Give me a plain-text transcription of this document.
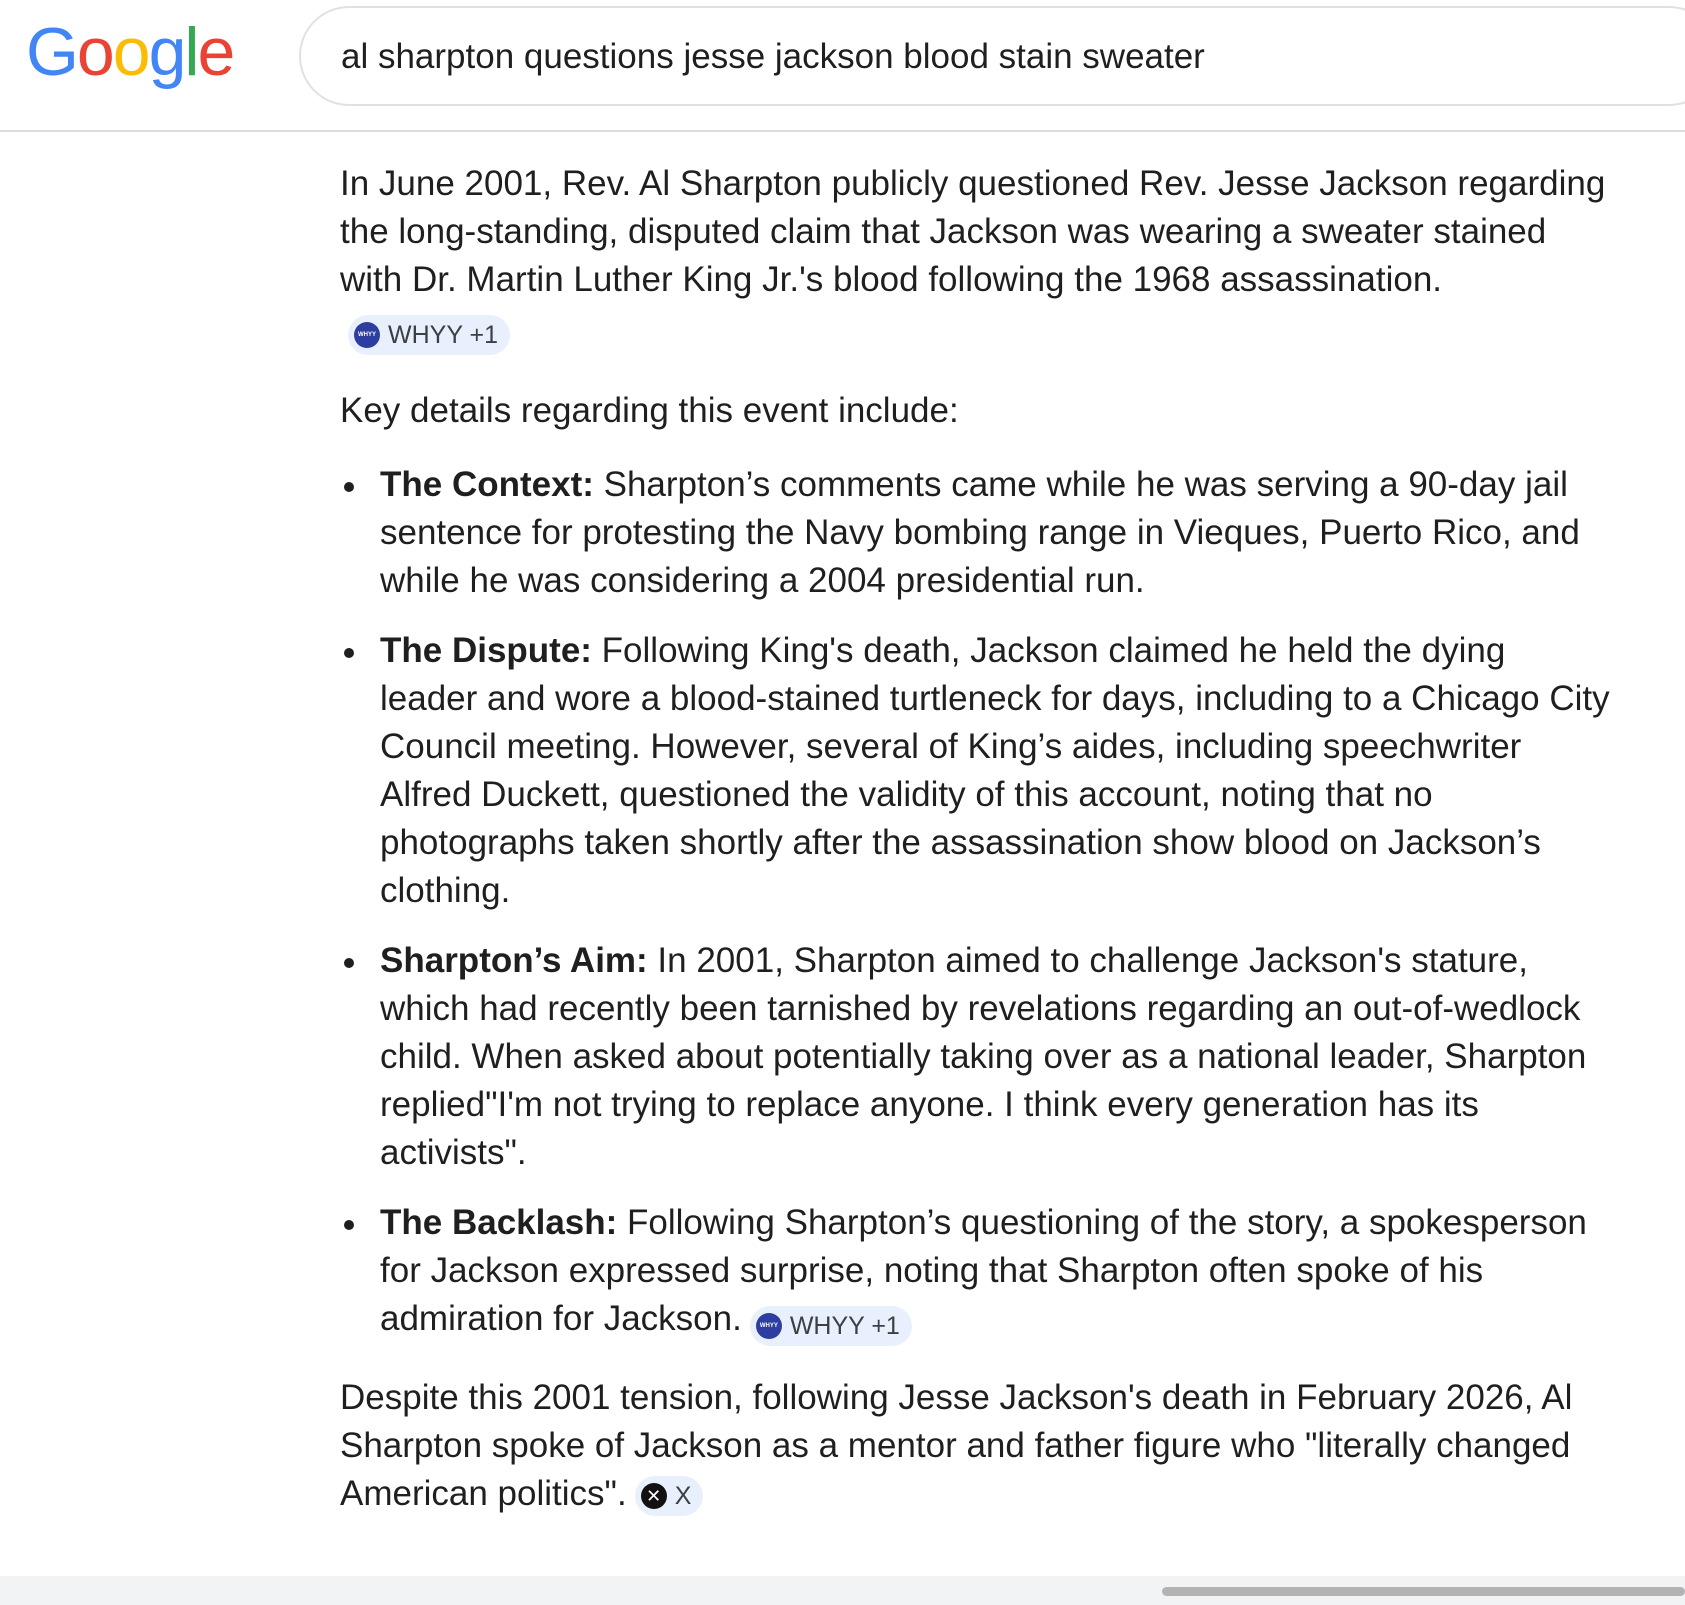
Google
al sharpton questions jesse jackson blood stain sweater

In June 2001, Rev. Al Sharpton publicly questioned Rev. Jesse Jackson regarding the long-standing, disputed claim that Jackson was wearing a sweater stained with Dr. Martin Luther King Jr.'s blood following the 1968 assassination.
WHYY WHYY +1

Key details regarding this event include:

The Context: Sharpton’s comments came while he was serving a 90-day jail sentence for protesting the Navy bombing range in Vieques, Puerto Rico, and while he was considering a 2004 presidential run.
The Dispute: Following King's death, Jackson claimed he held the dying leader and wore a blood-stained turtleneck for days, including to a Chicago City Council meeting. However, several of King’s aides, including speechwriter Alfred Duckett, questioned the validity of this account, noting that no photographs taken shortly after the assassination show blood on Jackson’s clothing.
Sharpton’s Aim: In 2001, Sharpton aimed to challenge Jackson's stature, which had recently been tarnished by revelations regarding an out-of-wedlock child. When asked about potentially taking over as a national leader, Sharpton replied"I'm not trying to replace anyone. I think every generation has its activists".
The Backlash: Following Sharpton’s questioning of the story, a spokesperson for Jackson expressed surprise, noting that Sharpton often spoke of his admiration for Jackson.	WHYY WHYY +1

Despite this 2001 tension, following Jesse Jackson's death in February 2026, Al Sharpton spoke of Jackson as a mentor and father figure who "literally changed American politics".	✕ X
